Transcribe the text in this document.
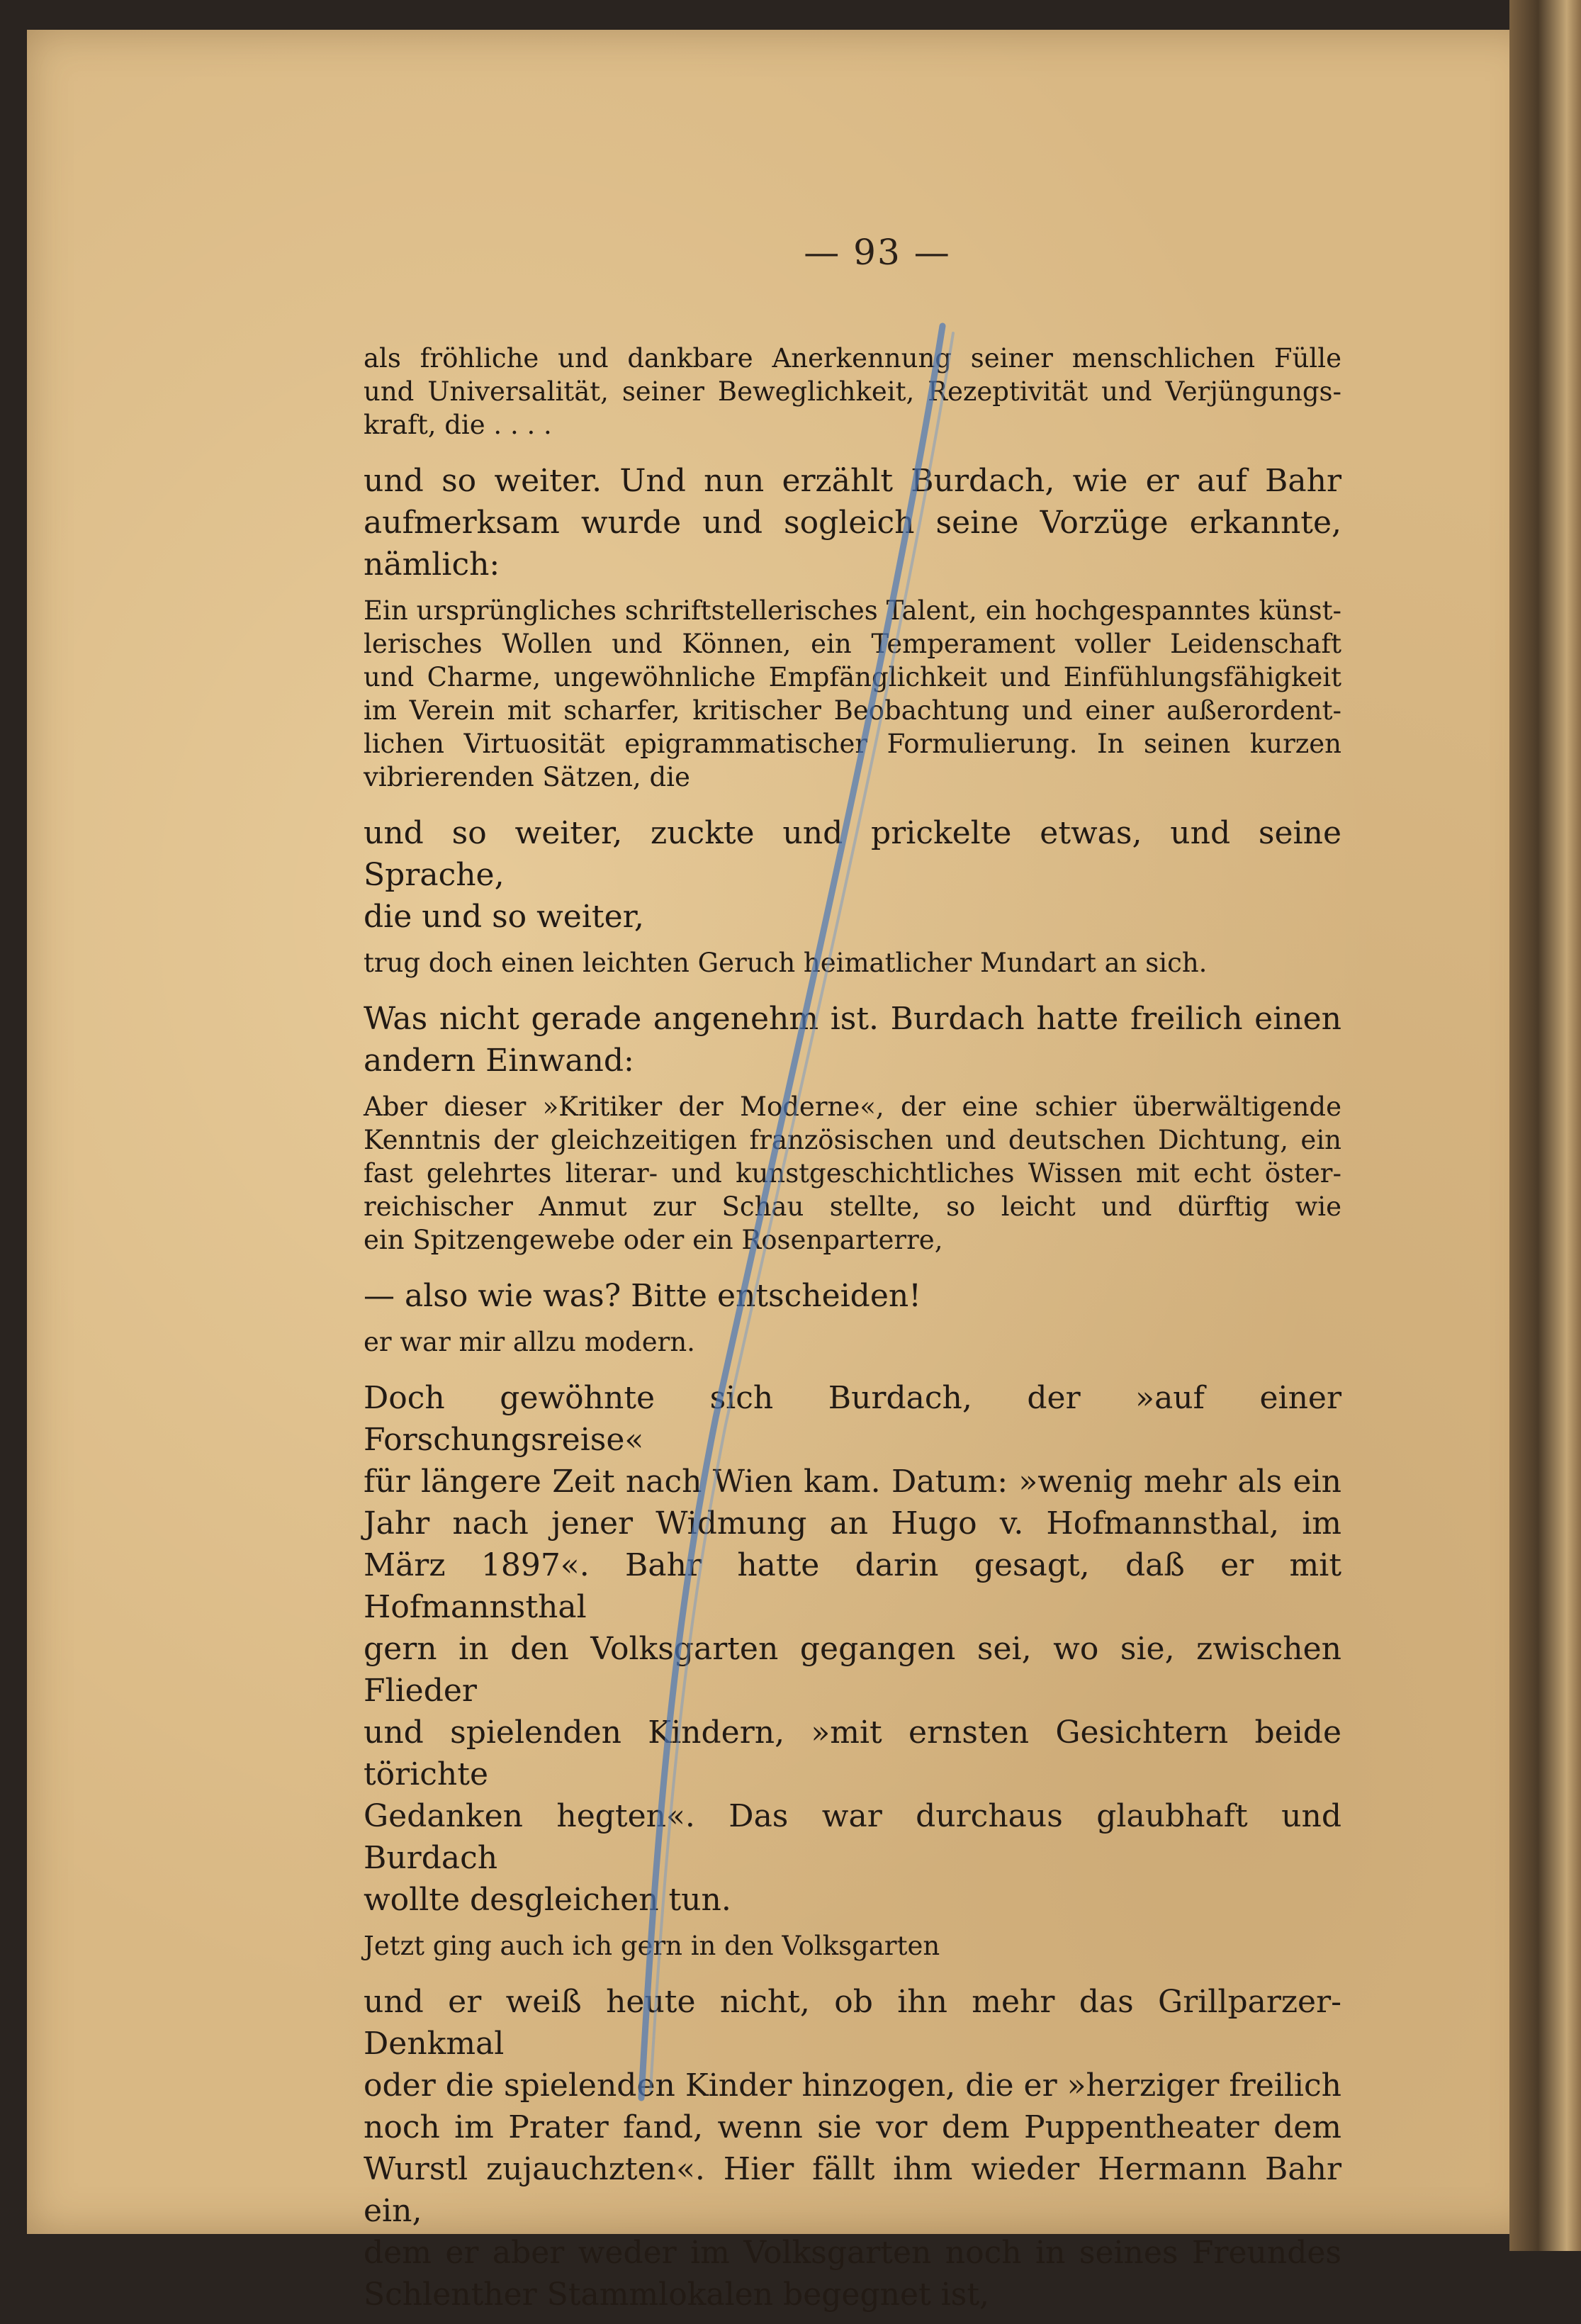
— 93 —

als fröhliche und dankbare Anerkennung seiner menschlichen Fülle

und Universalität, seiner Beweglichkeit, Rezeptivität und Verjüngungs-

kraft, die . . . .

und so weiter. Und nun erzählt Burdach, wie er auf Bahr

aufmerksam wurde und sogleich seine Vorzüge erkannte, nämlich:

Ein ursprüngliches schriftstellerisches Talent, ein hochgespanntes künst-

lerisches Wollen und Können, ein Temperament voller Leidenschaft

und Charme, ungewöhnliche Empfänglichkeit und Einfühlungsfähigkeit

im Verein mit scharfer, kritischer Beobachtung und einer außerordent-

lichen Virtuosität epigrammatischer Formulierung. In seinen kurzen

vibrierenden Sätzen, die

und so weiter, zuckte und prickelte etwas, und seine Sprache,

die und so weiter,

trug doch einen leichten Geruch heimatlicher Mundart an sich.

Was nicht gerade angenehm ist. Burdach hatte freilich einen

andern Einwand:

Aber dieser »Kritiker der Moderne«, der eine schier überwältigende

Kenntnis der gleichzeitigen französischen und deutschen Dichtung, ein

fast gelehrtes literar- und kunstgeschichtliches Wissen mit echt öster-

reichischer Anmut zur Schau stellte, so leicht und dürftig wie

ein Spitzengewebe oder ein Rosenparterre,

— also wie was? Bitte entscheiden!

er war mir allzu modern.

Doch gewöhnte sich Burdach, der »auf einer Forschungsreise«

für längere Zeit nach Wien kam. Datum: »wenig mehr als ein

Jahr nach jener Widmung an Hugo v. Hofmannsthal, im

März 1897«. Bahr hatte darin gesagt, daß er mit Hofmannsthal

gern in den Volksgarten gegangen sei, wo sie, zwischen Flieder

und spielenden Kindern, »mit ernsten Gesichtern beide törichte

Gedanken hegten«. Das war durchaus glaubhaft und Burdach

wollte desgleichen tun.

Jetzt ging auch ich gern in den Volksgarten

und er weiß heute nicht, ob ihn mehr das Grillparzer-Denkmal

oder die spielenden Kinder hinzogen, die er »herziger freilich

noch im Prater fand, wenn sie vor dem Puppentheater dem

Wurstl zujauchzten«. Hier fällt ihm wieder Hermann Bahr ein,

dem er aber weder im Volksgarten noch in seines Freundes

Schlenther Stammlokalen begegnet ist,
